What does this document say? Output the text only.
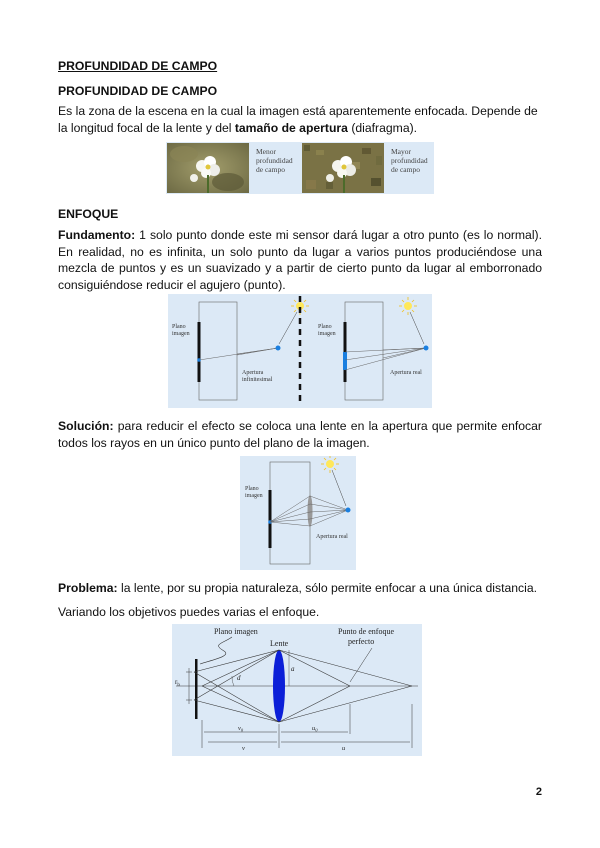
PROFUNDIDAD DE CAMPO
PROFUNDIDAD DE CAMPO
Es la zona de la escena en la cual la imagen está aparentemente enfocada. Depende de la longitud focal de la lente y del tamaño de apertura (diafragma).
Menor
profundidad
de campo
Mayor
profundidad
de campo
ENFOQUE
Fundamento: 1 solo punto donde este mi sensor dará lugar a otro punto (es lo normal). En realidad, no es infinita, un solo punto da lugar a varios puntos produciéndose una mezcla de puntos y es un suavizado y a partir de cierto punto da lugar al emborronado consiguiéndose reducir el agujero (punto).
Plano
imagen
Apertura
infinitesimal
Plano
imagen
Apertura real
Solución: para reducir el efecto se coloca una lente en la apertura que permite enfocar todos los rayos en un único punto del plano de la imagen.
Plano
imagen
Apertura real
Problema: la lente, por su propia naturaleza, sólo permite enfocar a una única distancia.
Variando los objetivos puedes varias el enfoque.
$r_b$
a
d
Plano imagen
Lente
Punto de enfoque
perfecto
$v_0$	$u_0$
v	u
2
